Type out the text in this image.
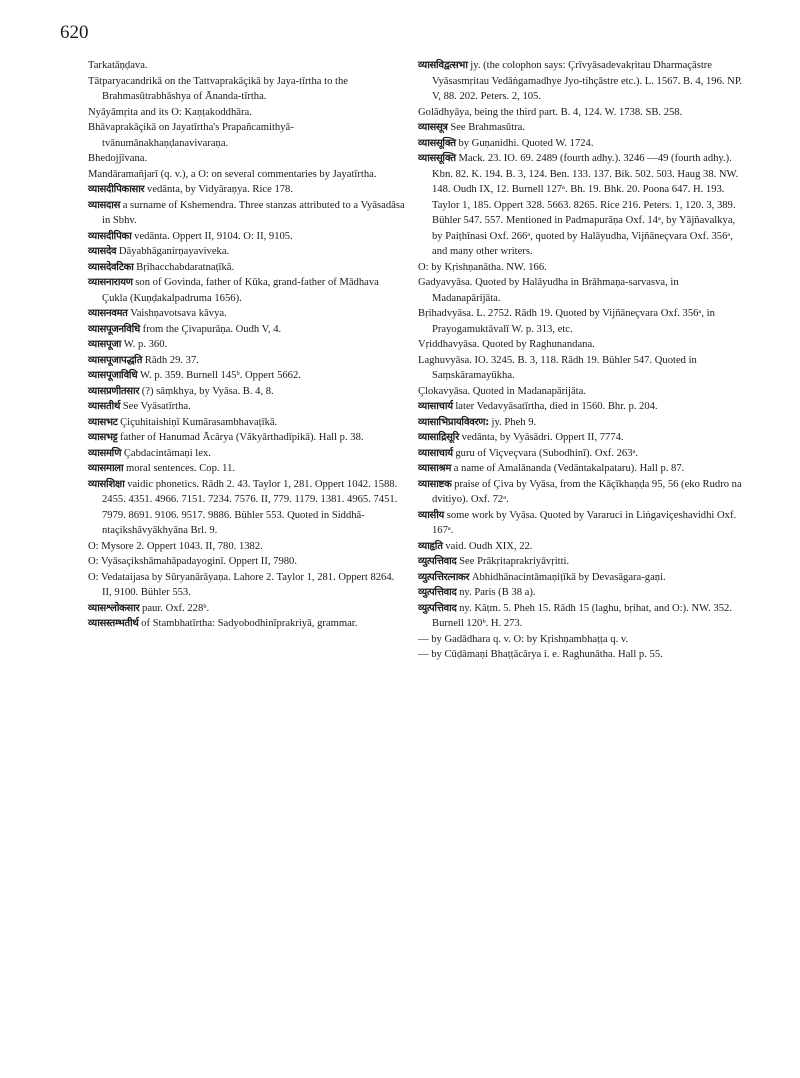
620

Tarkatāṇḍava.

Tātparyacandrikā on the Tattvaprakāçikā by Jaya-tīrtha to the Brahmasūtrabhāshya of Ānanda-tīrtha.

Nyāyāmṛita and its O: Kaṇṭakoddhāra.

Bhāvaprakāçikā on Jayatīrtha's Prapañcamithyā-tvānumānakhaṇḍanavivaraṇa.

Bhedojjīvana.

Mandāramañjarī (q. v.), a O: on several commentaries by Jayatīrtha.

व्यासदीपिकासार vedānta, by Vidyāraṇya. Rice 178.

व्यासदास a surname of Kshemendra. Three stanzas attributed to a Vyāsadāsa in Sbhv.

व्यासदीपिका vedānta. Oppert II, 9104. O: II, 9105.

व्यासदेव Dāyabhāganirṇayaviveka.

व्यासदेवटिका Bṛihacchabdaratnaṭīkā.

व्यासनारायण son of Govinda, father of Kūka, grand-father of Mādhava Çukla (Kuṇḍakalpadruma 1656).

व्यासनवमत Vaishṇavotsava kāvya.

व्यासपूजनविधि from the Çivapurāṇa. Oudh V, 4.

व्यासपूजा W. p. 360.

व्यासपूजापद्धति Rādh 29. 37.

व्यासपूजाविधि W. p. 359. Burnell 145ᵇ. Oppert 5662.

व्यासप्रणीतसार (?) sāṃkhya, by Vyāsa. B. 4, 8.

व्यासतीर्थ See Vyāsatīrtha.

व्यासभट Çiçuhitaishiṇī Kumārasambhavaṭīkā.

व्यासभट्ट father of Hanumad Ācārya (Vākyārthadīpikā). Hall p. 38.

व्यासमणि Çabdacintāmaṇi lex.

व्यासमाला moral sentences. Cop. 11.

व्यासशिक्षा vaidic phonetics. Rādh 2. 43. Taylor 1, 281. Oppert 1042. 1588. 2455. 4351. 4966. 7151. 7234. 7576. II, 779. 1179. 1381. 4965. 7451. 7979. 8691. 9106. 9517. 9886. Bühler 553. Quoted in Siddhā-ntaçikshāvyākhyāna Brl. 9.

O: Mysore 2. Oppert 1043. II, 780. 1382.

O: Vyāsaçikshāmahāpadayoginī. Oppert II, 7980.

O: Vedataijasa by Sūryanārāyaṇa. Lahore 2. Taylor 1, 281. Oppert 8264. II, 9100. Bühler 553.

व्यासश्लोकसार paur. Oxf. 228ᵇ.

व्यासस्तम्भतीर्थ of Stambhatīrtha: Sadyobodhinīprakriyā, grammar.

व्यासविद्वत्सभा jy. (the colophon says: Çrīvyāsadevakṛitau Dharmaçāstre Vyāsasmṛitau Vedāṅgamadhye Jyo-tihçāstre etc.). L. 1567. B. 4, 196. NP. V, 88. 202. Peters. 2, 105.

Golādhyāya, being the third part. B. 4, 124. W. 1738. SB. 258.

व्याससूत्र See Brahmasūtra.

व्याससूक्ति by Guṇanidhi. Quoted W. 1724.

व्याससूक्ति Mack. 23. IO. 69. 2489 (fourth adhy.). 3246 —49 (fourth adhy.). Kbn. 82. K. 194. B. 3, 124. Ben. 133. 137. Bik. 502. 503. Haug 38. NW. 148. Oudh IX, 12. Burnell 127ᵃ. Bh. 19. Bhk. 20. Poona 647. H. 193. Taylor 1, 185. Oppert 328. 5663. 8265. Rice 216. Peters. 1, 120. 3, 389. Bühler 547. 557. Mentioned in Padmapurāṇa Oxf. 14ᵃ, by Yājñavalkya, by Paiṭhīnasi Oxf. 266ᵃ, quoted by Halāyudha, Vijñāneçvara Oxf. 356ᵃ, and many other writers.

O: by Kṛishṇanātha. NW. 166.

Gadyavyāsa. Quoted by Halāyudha in Brāhmaṇa-sarvasva, in Madanapārijāta.

Bṛihadvyāsa. L. 2752. Rādh 19. Quoted by Vijñāneçvara Oxf. 356ᵃ, in Prayogamuktāvalī W. p. 313, etc.

Vṛiddhavyāsa. Quoted by Raghunandana.

Laghuvyāsa. IO. 3245. B. 3, 118. Rādh 19. Bühler 547. Quoted in Saṃskāramayūkha.

Çlokavyāsa. Quoted in Madanapārijāta.

व्यासाचार्य later Vedavyāsatīrtha, died in 1560. Bhr. p. 204.

व्यासाभिप्रायविवरण: jy. Pheh 9.

व्यासाद्रिसूरि vedānta, by Vyāsādri. Oppert II, 7774.

व्यासाचार्य guru of Viçveçvara (Subodhinī). Oxf. 263ᵃ.

व्यासाश्रम a name of Amalānanda (Vedāntakalpataru). Hall p. 87.

व्यासाष्टक praise of Çiva by Vyāsa, from the Kāçīkhaṇḍa 95, 56 (eko Rudro na dvitiyo). Oxf. 72ᵃ.

व्यासीय some work by Vyāsa. Quoted by Vararuci in Liṅgaviçeshavidhi Oxf. 167ᵃ.

व्याहृति vaid. Oudh XIX, 22.

व्युत्पत्तिवाद See Prākṛitaprakriyāvṛitti.

व्युत्पत्तिरत्नाकर Abhidhānacintāmaṇiṭīkā by Devasāgara-gaṇi.

व्युत्पत्तिवाद ny. Paris (B 38 a).

व्युत्पत्तिवाद ny. Kāṭm. 5. Pheh 15. Rādh 15 (laghu, bṛihat, and O:). NW. 352. Burnell 120ᵇ. H. 273.

— by Gadādhara q. v. O: by Kṛishṇambhaṭṭa q. v.

— by Cūḍāmaṇi Bhaṭṭācārya i. e. Raghunātha. Hall p. 55.
